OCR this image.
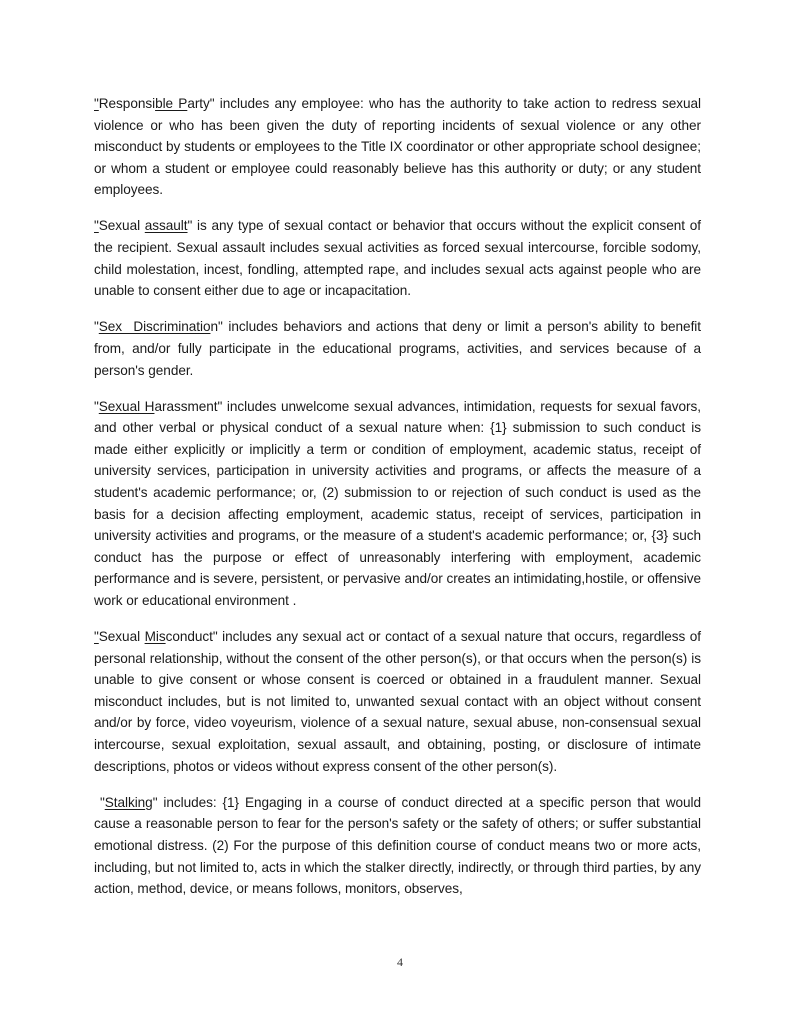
"Responsible Party" includes any employee: who has the authority to take action to redress sexual violence or who has been given the duty of reporting incidents of sexual violence or any other misconduct by students or employees to the Title IX coordinator or other appropriate school designee; or whom a student or employee could reasonably believe has this authority or duty; or any student employees.

"Sexual assault" is any type of sexual contact or behavior that occurs without the explicit consent of the recipient. Sexual assault includes sexual activities as forced sexual intercourse, forcible sodomy, child molestation, incest, fondling, attempted rape, and includes sexual acts against people who are unable to consent either due to age or incapacitation.

"Sex  Discrimination" includes behaviors and actions that deny or limit a person's ability to benefit from, and/or fully participate in the educational programs, activities, and services because of a person's gender.

"Sexual Harassment" includes unwelcome sexual advances, intimidation, requests for sexual favors, and other verbal or physical conduct of a sexual nature when: {1} submission to such conduct is made either explicitly or implicitly a term or condition of employment, academic status, receipt of university services, participation in university activities and programs, or affects the measure of a student's academic performance; or, (2) submission to or rejection of such conduct is used as the basis for a decision affecting employment, academic status, receipt of services, participation in university activities and programs, or the measure of a student's academic performance; or, {3} such conduct has the purpose or effect of unreasonably interfering with employment, academic performance and is severe, persistent, or pervasive and/or creates an intimidating,hostile, or offensive work or educational environment .

"Sexual Misconduct" includes any sexual act or contact of a sexual nature that occurs, regardless of personal relationship, without the consent of the other person(s), or that occurs when the person(s) is unable to give consent or whose consent is coerced or obtained in a fraudulent manner. Sexual misconduct includes, but is not limited to, unwanted sexual contact with an object without consent and/or by force, video voyeurism, violence of a sexual nature, sexual abuse, non-consensual sexual intercourse, sexual exploitation, sexual assault, and obtaining, posting, or disclosure of intimate descriptions, photos or videos without express consent of the other person(s).

"Stalking" includes: {1} Engaging in a course of conduct directed at a specific person that would cause a reasonable person to fear for the person's safety or the safety of others; or suffer substantial emotional distress. (2) For the purpose of this definition course of conduct means two or more acts, including, but not limited to, acts in which the stalker directly, indirectly, or through third parties, by any action, method, device, or means follows, monitors, observes,

4
